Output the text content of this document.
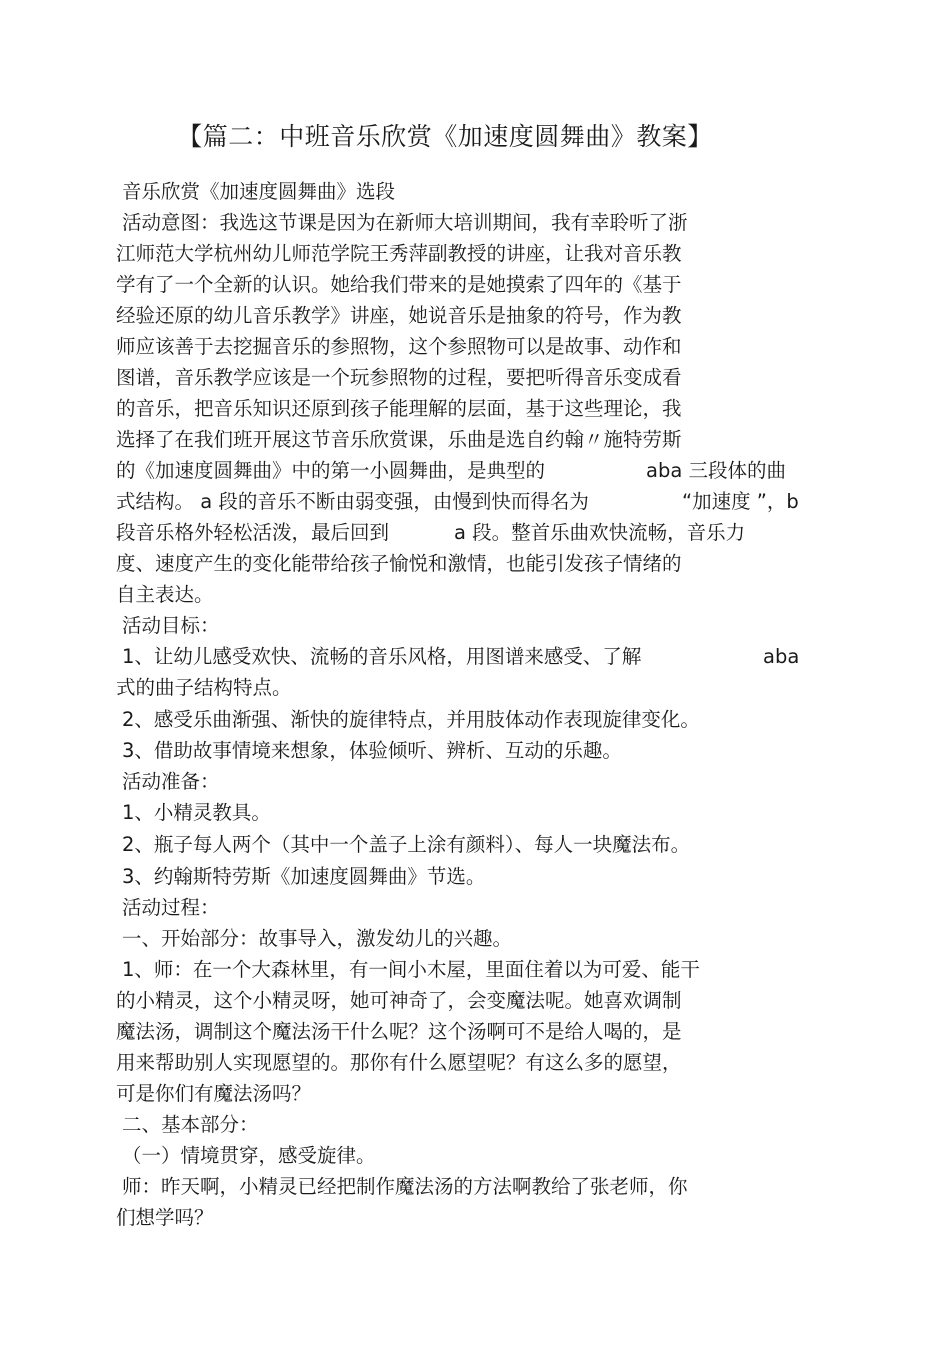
【篇二：中班音乐欣赏《加速度圆舞曲》教案】
音乐欣赏《加速度圆舞曲》选段
活动意图：我选这节课是因为在新师大培训期间，我有幸聆听了浙
江师范大学杭州幼儿师范学院王秀萍副教授的讲座，让我对音乐教
学有了一个全新的认识。她给我们带来的是她摸索了四年的《基于
经验还原的幼儿音乐教学》讲座，她说音乐是抽象的符号，作为教
师应该善于去挖掘音乐的参照物，这个参照物可以是故事、动作和
图谱，音乐教学应该是一个玩参照物的过程，要把听得音乐变成看
的音乐，把音乐知识还原到孩子能理解的层面，基于这些理论，我
选择了在我们班开展这节音乐欣赏课，乐曲是选自约翰〃施特劳斯
的《加速度圆舞曲》中的第一小圆舞曲，是典型的	aba 三段体的曲
式结构。 a 段的音乐不断由弱变强，由慢到快而得名为	“加速度 ”，b
段音乐格外轻松活泼，最后回到	a 段。整首乐曲欢快流畅，音乐力
度、速度产生的变化能带给孩子愉悦和激情，也能引发孩子情绪的
自主表达。
活动目标：
1、让幼儿感受欢快、流畅的音乐风格，用图谱来感受、了解	aba
式的曲子结构特点。
2、感受乐曲渐强、渐快的旋律特点，并用肢体动作表现旋律变化。
3、借助故事情境来想象，体验倾听、辨析、互动的乐趣。
活动准备：
1、小精灵教具。
2、瓶子每人两个（其中一个盖子上涂有颜料）、每人一块魔法布。
3、约翰斯特劳斯《加速度圆舞曲》节选。
活动过程：
一、开始部分：故事导入，激发幼儿的兴趣。
1、师：在一个大森林里，有一间小木屋，里面住着以为可爱、能干
的小精灵，这个小精灵呀，她可神奇了，会变魔法呢。她喜欢调制
魔法汤，调制这个魔法汤干什么呢？这个汤啊可不是给人喝的，是
用来帮助别人实现愿望的。那你有什么愿望呢？有这么多的愿望，
可是你们有魔法汤吗？
二、基本部分：
（一）情境贯穿，感受旋律。
师：昨天啊，小精灵已经把制作魔法汤的方法啊教给了张老师，你
们想学吗？
